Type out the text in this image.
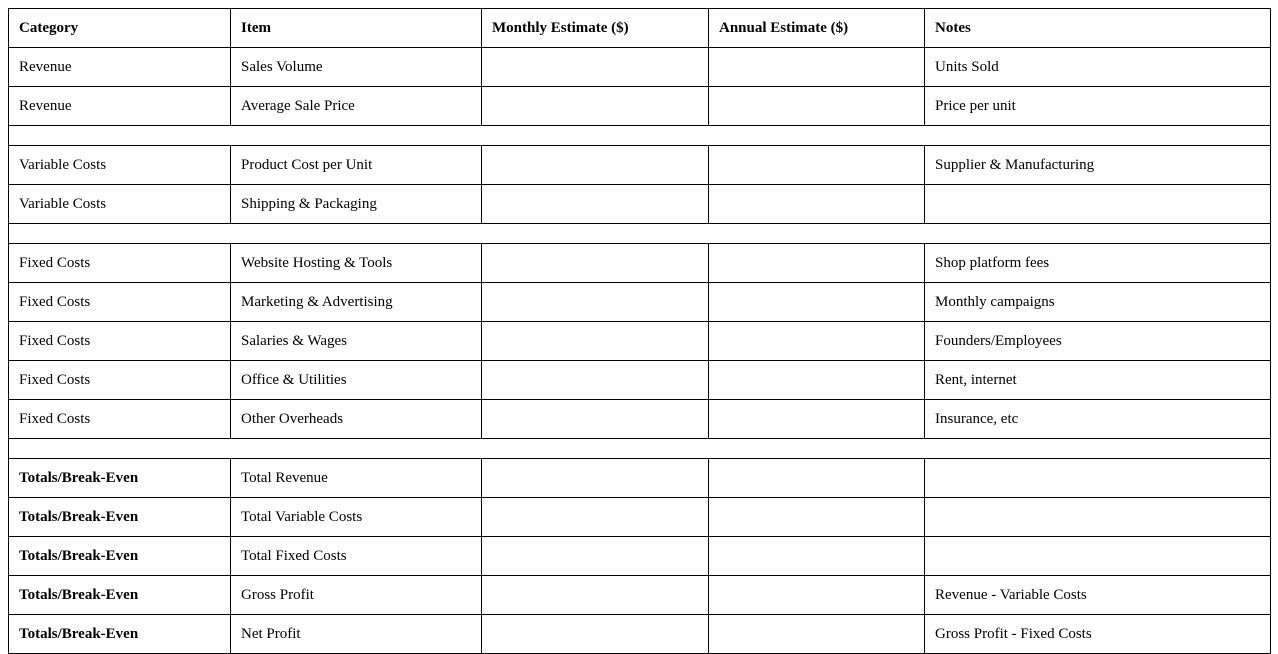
Category	Item	Monthly Estimate ($)	Annual Estimate ($)	Notes
Revenue	Sales Volume			Units Sold
Revenue	Average Sale Price			Price per unit

Variable Costs	Product Cost per Unit			Supplier & Manufacturing
Variable Costs	Shipping & Packaging			

Fixed Costs	Website Hosting & Tools			Shop platform fees
Fixed Costs	Marketing & Advertising			Monthly campaigns
Fixed Costs	Salaries & Wages			Founders/Employees
Fixed Costs	Office & Utilities			Rent, internet
Fixed Costs	Other Overheads			Insurance, etc

Totals/Break-Even	Total Revenue			
Totals/Break-Even	Total Variable Costs			
Totals/Break-Even	Total Fixed Costs			
Totals/Break-Even	Gross Profit			Revenue - Variable Costs
Totals/Break-Even	Net Profit			Gross Profit - Fixed Costs
